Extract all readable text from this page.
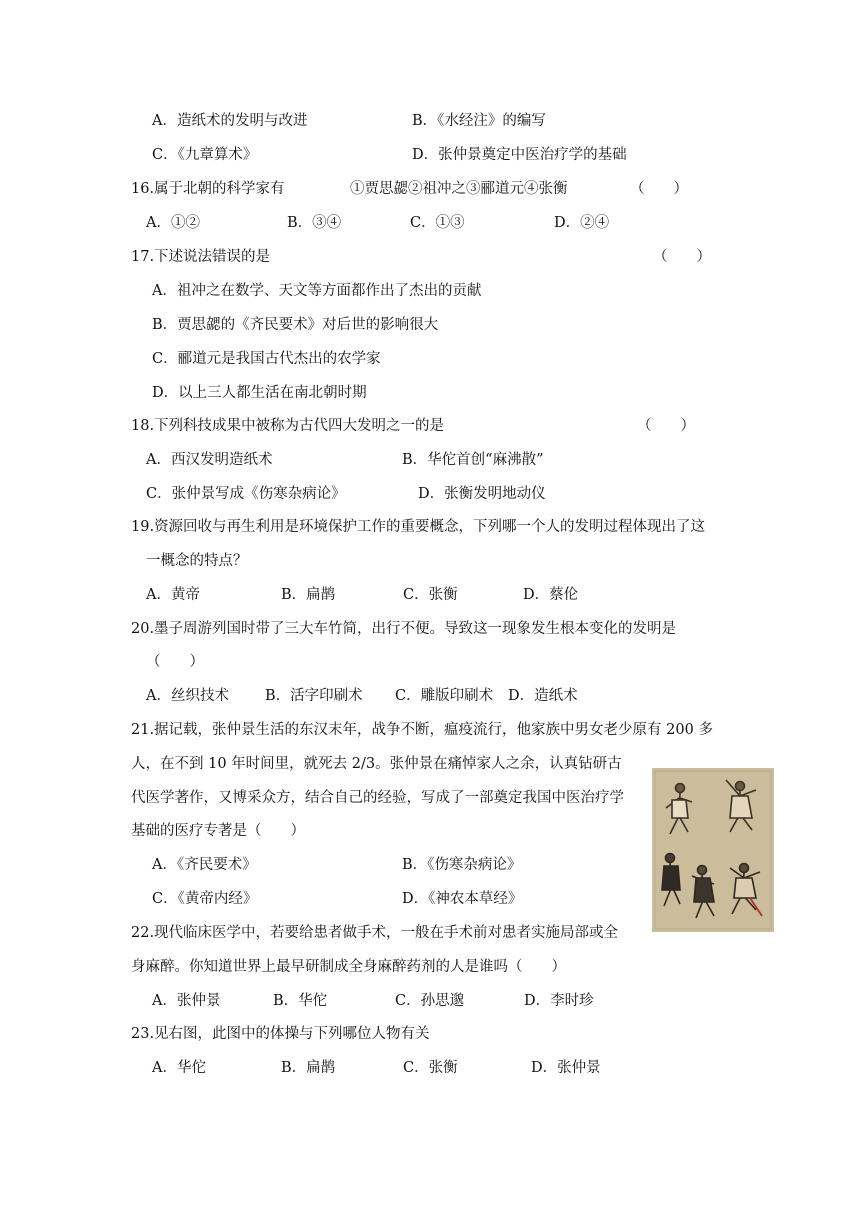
A．造纸术的发明与改进	B．《水经注》的编写
C．《九章算术》	D．张仲景奠定中医治疗学的基础
16.属于北朝的科学家有	①贾思勰②祖冲之③郦道元④张衡	（　　）
A．①②	B．③④	C．①③	D．②④
17.下述说法错误的是	（　　）
A．祖冲之在数学、天文等方面都作出了杰出的贡献
B．贾思勰的《齐民要术》对后世的影响很大
C．郦道元是我国古代杰出的农学家
D．以上三人都生活在南北朝时期
18.下列科技成果中被称为古代四大发明之一的是	（　　）
A．西汉发明造纸术	B．华佗首创“麻沸散”
C．张仲景写成《伤寒杂病论》	D．张衡发明地动仪
19.资源回收与再生利用是环境保护工作的重要概念，下列哪一个人的发明过程体现出了这
一概念的特点？
A．黄帝	B．扁鹊	C．张衡	D．蔡伦
20.墨子周游列国时带了三大车竹简，出行不便。导致这一现象发生根本变化的发明是
（　　）
A．丝织技术 B．活字印刷术 C．雕版印刷术 D．造纸术
21.据记载，张仲景生活的东汉末年，战争不断，瘟疫流行，他家族中男女老少原有 200 多
人，在不到 10 年时间里，就死去 2/3。张仲景在痛悼家人之余，认真钻研古
代医学著作，又博采众方，结合自己的经验，写成了一部奠定我国中医治疗学
基础的医疗专著是（　　）
A．《齐民要术》	B．《伤寒杂病论》
C．《黄帝内经》	D．《神农本草经》
22.现代临床医学中，若要给患者做手术，一般在手术前对患者实施局部或全
身麻醉。你知道世界上最早研制成全身麻醉药剂的人是谁吗（　　）
A．张仲景	B．华佗	C．孙思邈	D．李时珍
23.见右图，此图中的体操与下列哪位人物有关
A．华佗	B．扁鹊	C．张衡	D．张仲景
